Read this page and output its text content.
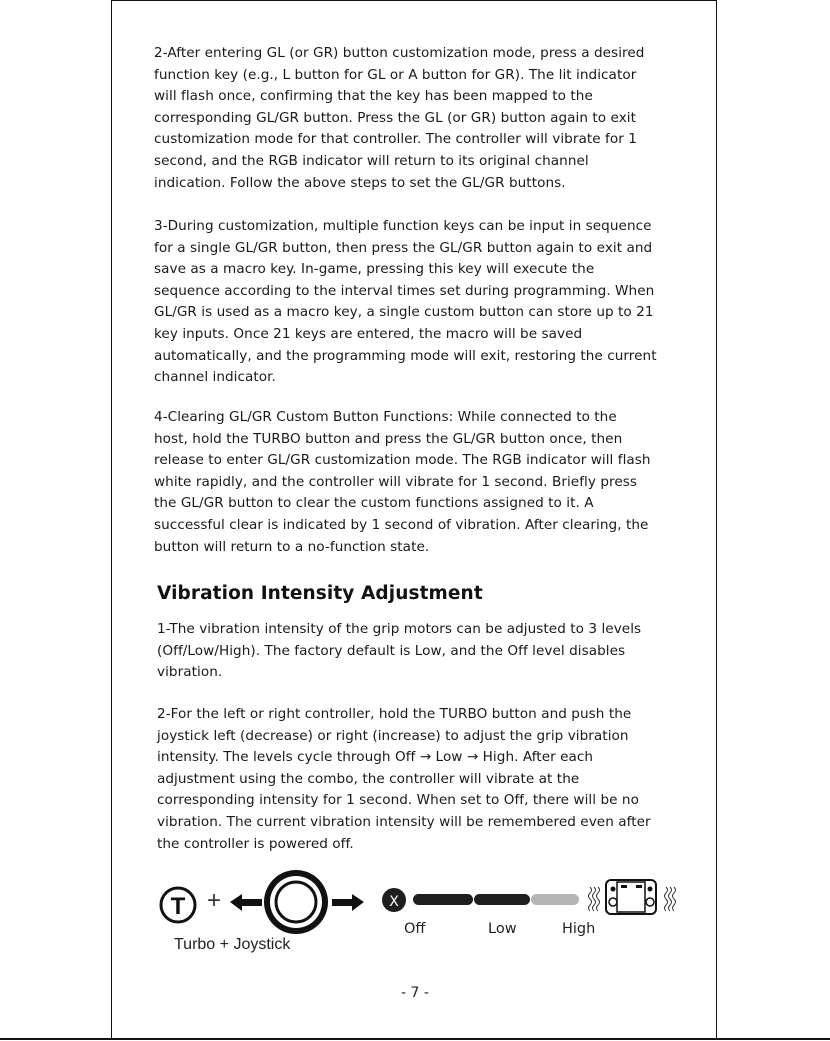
2-After entering GL (or GR) button customization mode, press a desired
function key (e.g., L button for GL or A button for GR). The lit indicator
will flash once, confirming that the key has been mapped to the
corresponding GL/GR button. Press the GL (or GR) button again to exit
customization mode for that controller. The controller will vibrate for 1
second, and the RGB indicator will return to its original channel
indication. Follow the above steps to set the GL/GR buttons.
3-During customization, multiple function keys can be input in sequence
for a single GL/GR button, then press the GL/GR button again to exit and
save as a macro key. In-game, pressing this key will execute the
sequence according to the interval times set during programming. When
GL/GR is used as a macro key, a single custom button can store up to 21
key inputs. Once 21 keys are entered, the macro will be saved
automatically, and the programming mode will exit, restoring the current
channel indicator.
4-Clearing GL/GR Custom Button Functions: While connected to the
host, hold the TURBO button and press the GL/GR button once, then
release to enter GL/GR customization mode. The RGB indicator will flash
white rapidly, and the controller will vibrate for 1 second. Briefly press
the GL/GR button to clear the custom functions assigned to it. A
successful clear is indicated by 1 second of vibration. After clearing, the
button will return to a no-function state.
Vibration Intensity Adjustment
1-The vibration intensity of the grip motors can be adjusted to 3 levels
(Off/Low/High). The factory default is Low, and the Off level disables
vibration.
2-For the left or right controller, hold the TURBO button and push the
joystick left (decrease) or right (increase) to adjust the grip vibration
intensity. The levels cycle through Off → Low → High. After each
adjustment using the combo, the controller will vibrate at the
corresponding intensity for 1 second. When set to Off, there will be no
vibration. The current vibration intensity will be remembered even after
the controller is powered off.
T +	X
Off	Low	High
Turbo + Joystick
- 7 -
